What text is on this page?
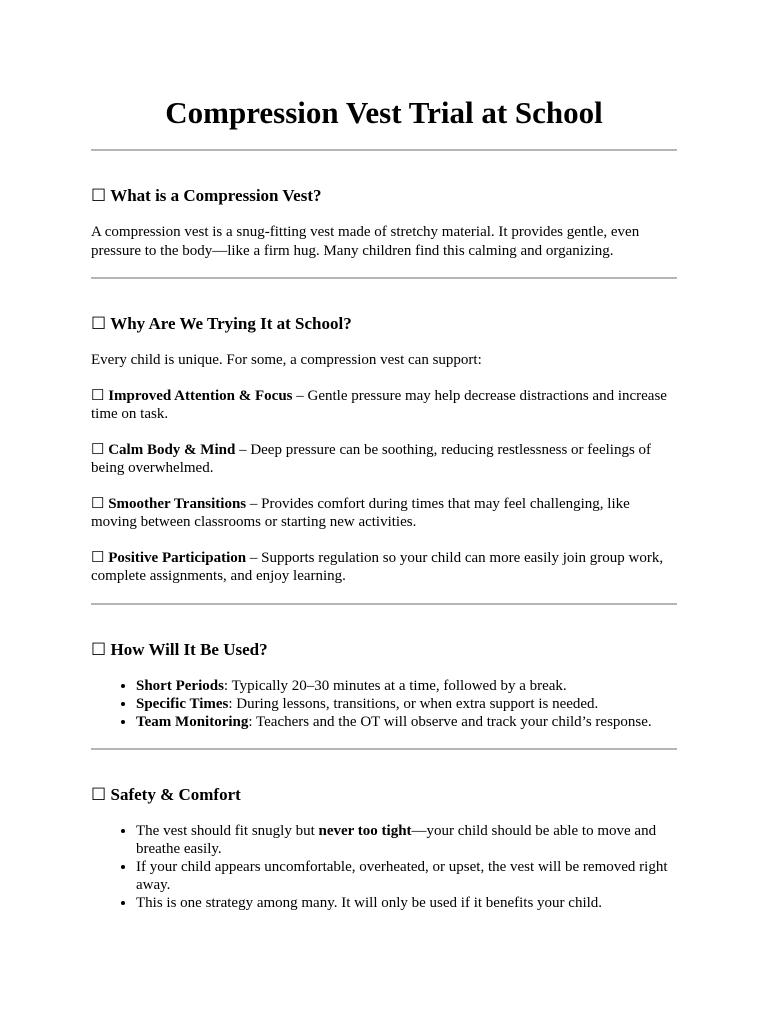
Compression Vest Trial at School
☐ What is a Compression Vest?

A compression vest is a snug-fitting vest made of stretchy material. It provides gentle, even pressure to the body—like a firm hug. Many children find this calming and organizing.

☐ Why Are We Trying It at School?

Every child is unique. For some, a compression vest can support:

☐ Improved Attention & Focus – Gentle pressure may help decrease distractions and increase time on task.

☐ Calm Body & Mind – Deep pressure can be soothing, reducing restlessness or feelings of being overwhelmed.

☐ Smoother Transitions – Provides comfort during times that may feel challenging, like moving between classrooms or starting new activities.

☐ Positive Participation – Supports regulation so your child can more easily join group work, complete assignments, and enjoy learning.

☐ How Will It Be Used?
• Short Periods: Typically 20–30 minutes at a time, followed by a break.
• Specific Times: During lessons, transitions, or when extra support is needed.
• Team Monitoring: Teachers and the OT will observe and track your child’s response.
☐ Safety & Comfort
• The vest should fit snugly but never too tight—your child should be able to move and breathe easily.
• If your child appears uncomfortable, overheated, or upset, the vest will be removed right away.
• This is one strategy among many. It will only be used if it benefits your child.
